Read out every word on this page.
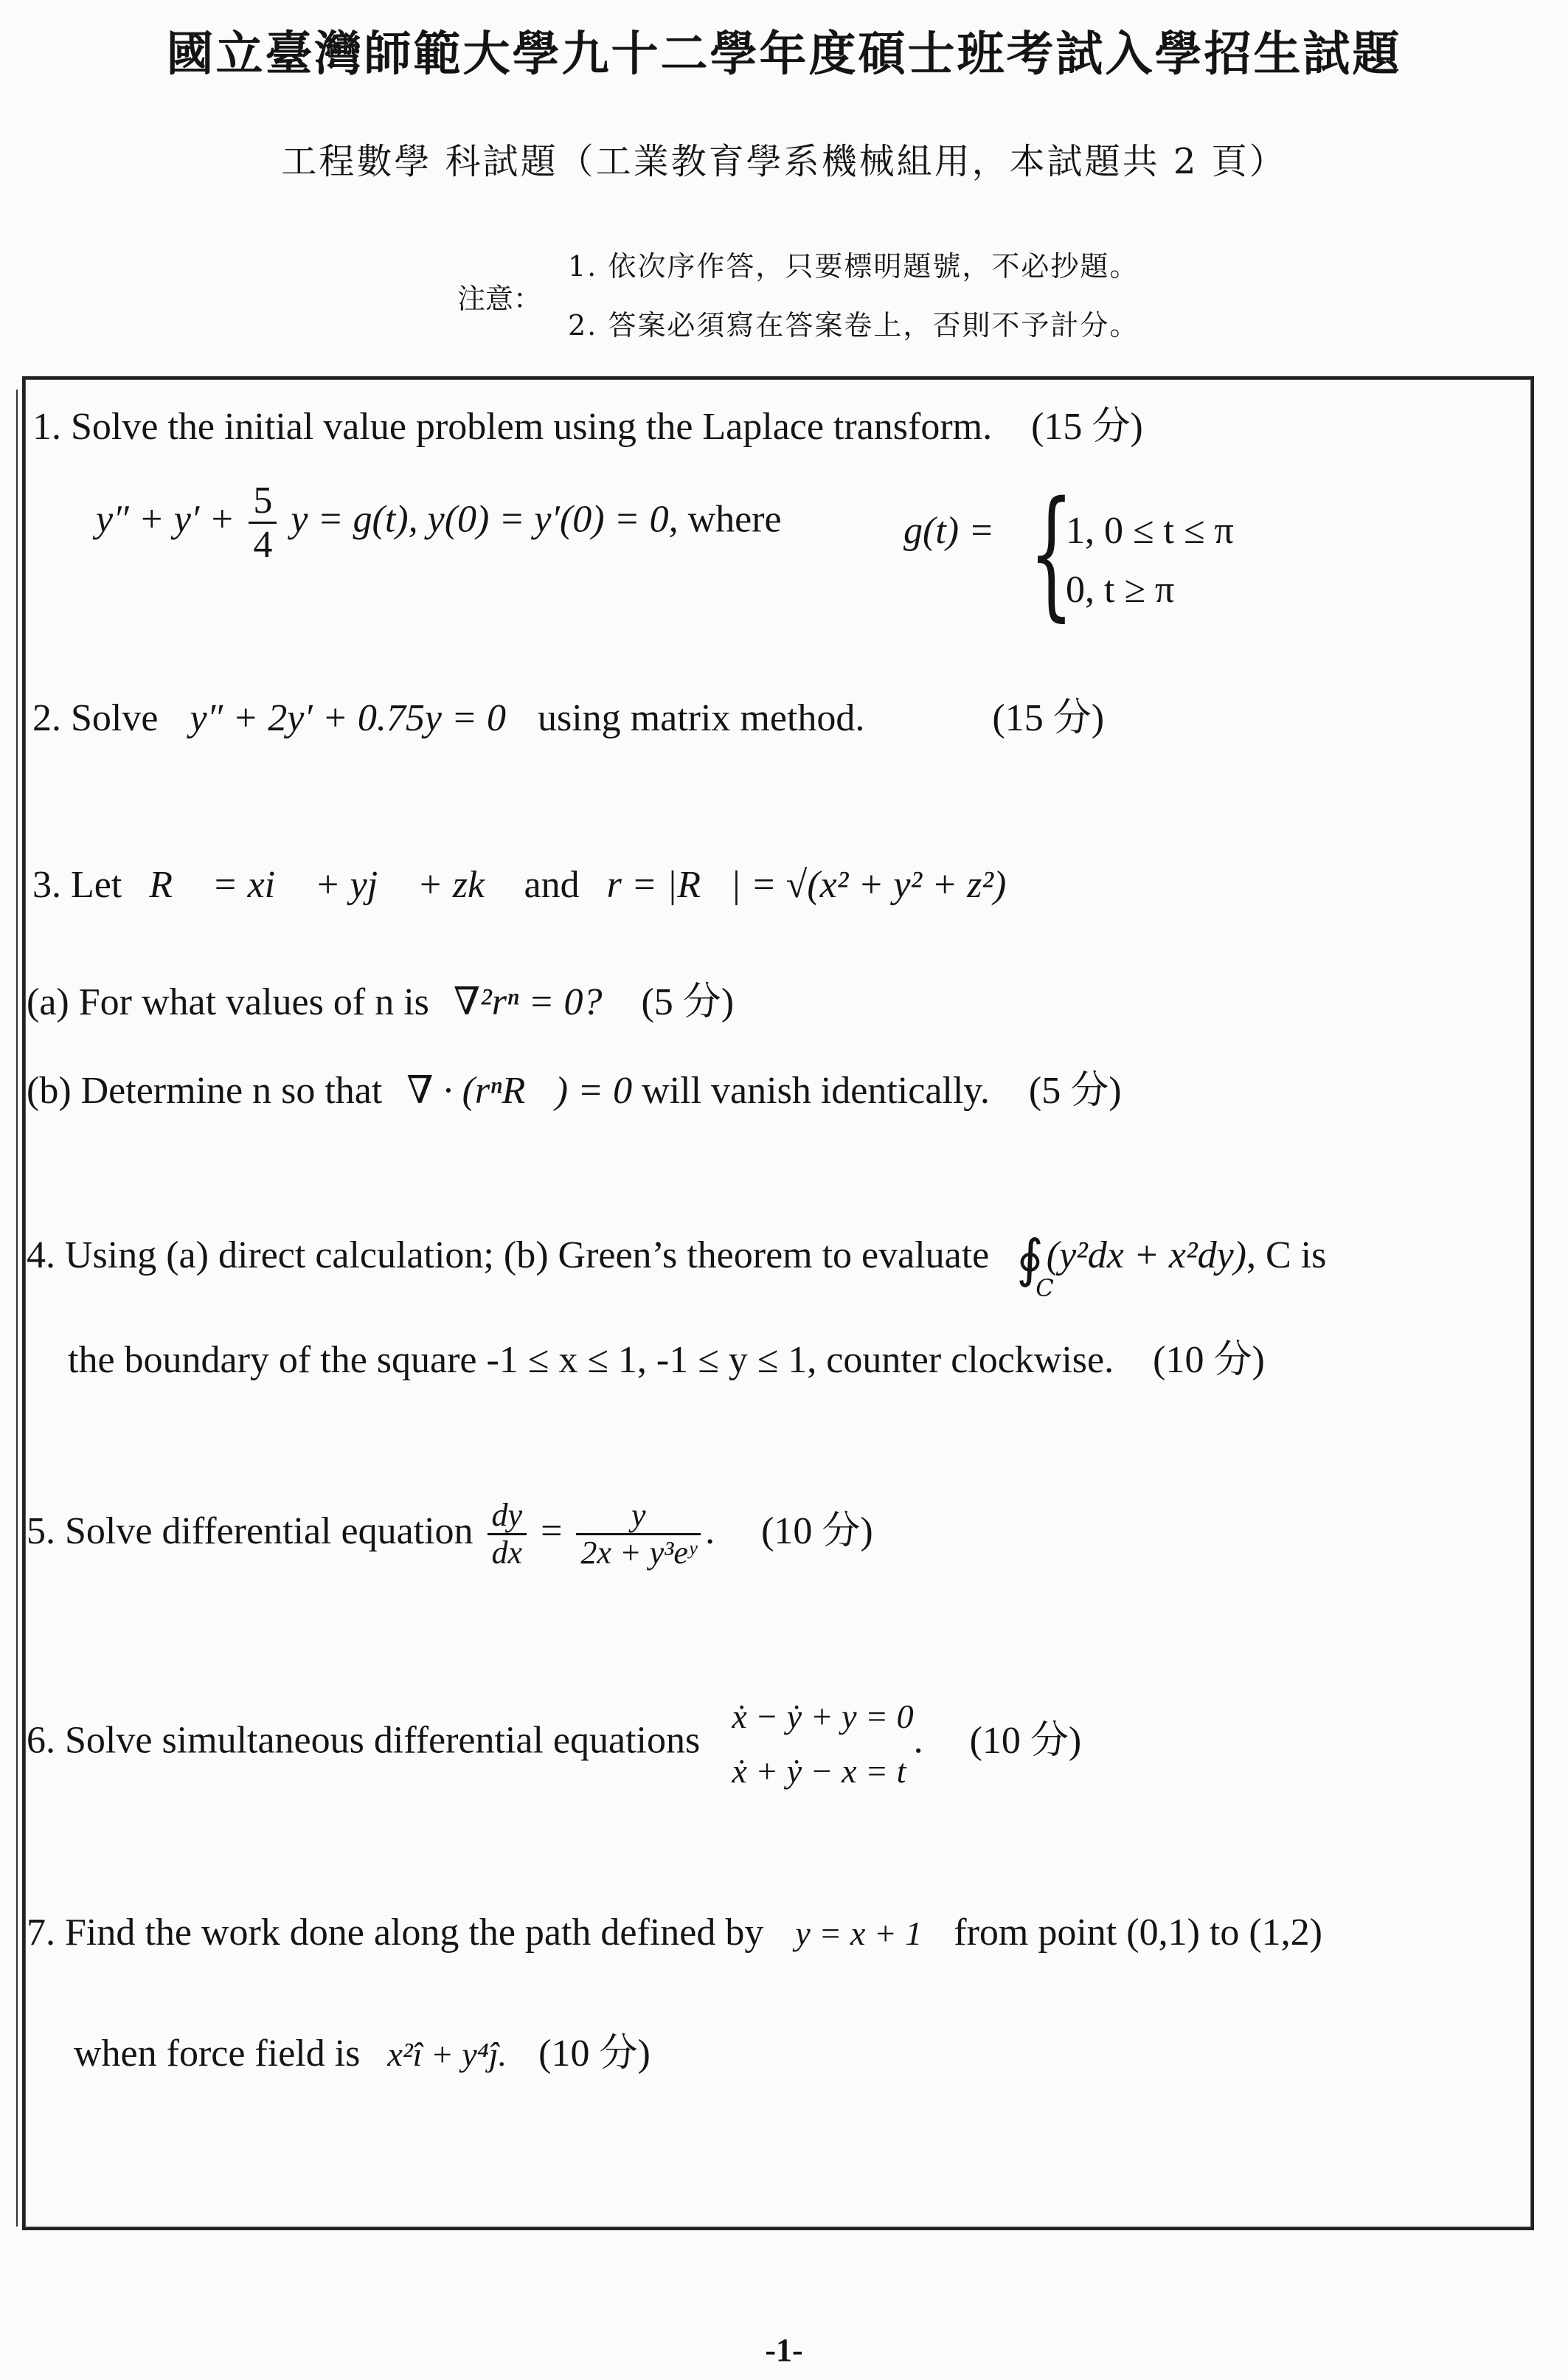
國立臺灣師範大學九十二學年度碩士班考試入學招生試題
工程數學 科試題（工業教育學系機械組用，本試題共 2 頁）
注意：
1. 依次序作答，只要標明題號，不必抄題。
2. 答案必須寫在答案卷上，否則不予計分。
1. Solve the initial value problem using the Laplace transform. (15 分)
$y'' + y' + \frac{5}{4}$ y = g(t), y(0) = y′(0) = 0, where	g(t) = {
1, 0 ≤ t ≤ π
0, t ≥ π
2. Solve y″ + 2y′ + 0.75y = 0 using matrix method.	(15 分)
3. Let R⃗ = xi⃗ + yj⃗ + zk⃗ and r = |R⃗| = √(x² + y² + z²)
(a) For what values of n is ∇²rⁿ = 0? (5 分)
(b) Determine n so that ∇ · (rⁿR⃗) = 0 will vanish identically. (5 分)
4. Using (a) direct calculation; (b) Green’s theorem to evaluate ∮
C
(y²dx + x²dy), C is
the boundary of the square -1 ≤ x ≤ 1, -1 ≤ y ≤ 1, counter clockwise. (10 分)
5. Solve differential equation $\frac{dy}{dx} = \frac{y}{\text{2x + y³eʸ}}$ . (10 分)
6. Solve simultaneous differential equations
ẋ − ẏ + y = 0
ẋ + ẏ − x = t
. (10 分)
7. Find the work done along the path defined by y = x + 1 from point (0,1) to (1,2)
when force field is x²î + y⁴ĵ. (10 分)
-1-
